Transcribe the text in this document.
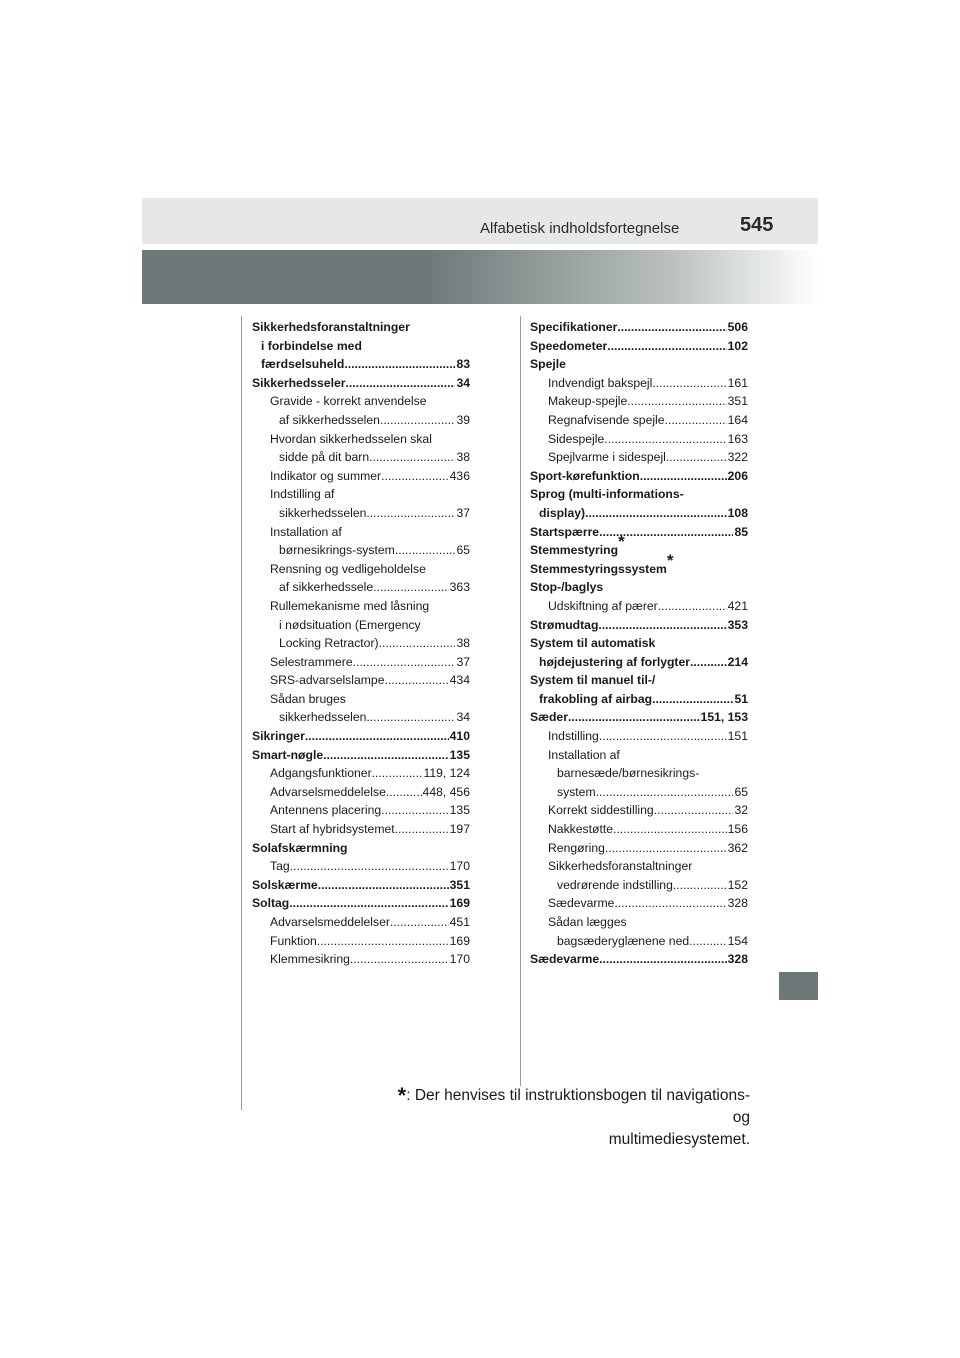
Alfabetisk indholdsfortegnelse	545
Sikkerhedsforanstaltninger
i forbindelse med
færdselsuheld .....	83
Sikkerhedsseler .....	34
Gravide - korrekt anvendelse
af sikkerhedsselen .....	39
Hvordan sikkerhedsselen skal
sidde på dit barn .....	38
Indikator og summer .....	436
Indstilling af
sikkerhedsselen .....	37
Installation af
børnesikrings-system .....	65
Rensning og vedligeholdelse
af sikkerhedssele .....	363
Rullemekanisme med låsning
i nødsituation (Emergency
Locking Retractor) .....	38
Selestrammere .....	37
SRS-advarselslampe .....	434
Sådan bruges
sikkerhedsselen .....	34
Sikringer .....	410
Smart-nøgle .....	135
Adgangsfunktioner .....	119, 124
Advarselsmeddelelse .....	448, 456
Antennens placering .....	135
Start af hybridsystemet .....	197
Solafskærmning
Tag .....	170
Solskærme .....	351
Soltag .....	169
Advarselsmeddelelser .....	451
Funktion .....	169
Klemmesikring .....	170
Specifikationer .....	506
Speedometer .....	102
Spejle
Indvendigt bakspejl .....	161
Makeup-spejle .....	351
Regnafvisende spejle .....	164
Sidespejle .....	163
Spejlvarme i sidespejl .....	322
Sport-kørefunktion .....	206
Sprog (multi-informations-
display) .....	108
Startspærre .....	85
Stemmestyring*
Stemmestyringssystem*
Stop-/baglys
Udskiftning af pærer .....	421
Strømudtag .....	353
System til automatisk
højdejustering af forlygter .....	214
System til manuel til-/
frakobling af airbag .....	51
Sæder .....	151, 153
Indstilling .....	151
Installation af
barnesæde/børnesikrings-
system .....	65
Korrekt siddestilling .....	32
Nakkestøtte .....	156
Rengøring .....	362
Sikkerhedsforanstaltninger
vedrørende indstilling .....	152
Sædevarme .....	328
Sådan lægges
bagsæderyglænene ned .....	154
Sædevarme .....	328
*: Der henvises til instruktionsbogen til navigations- og
multimediesystemet.
